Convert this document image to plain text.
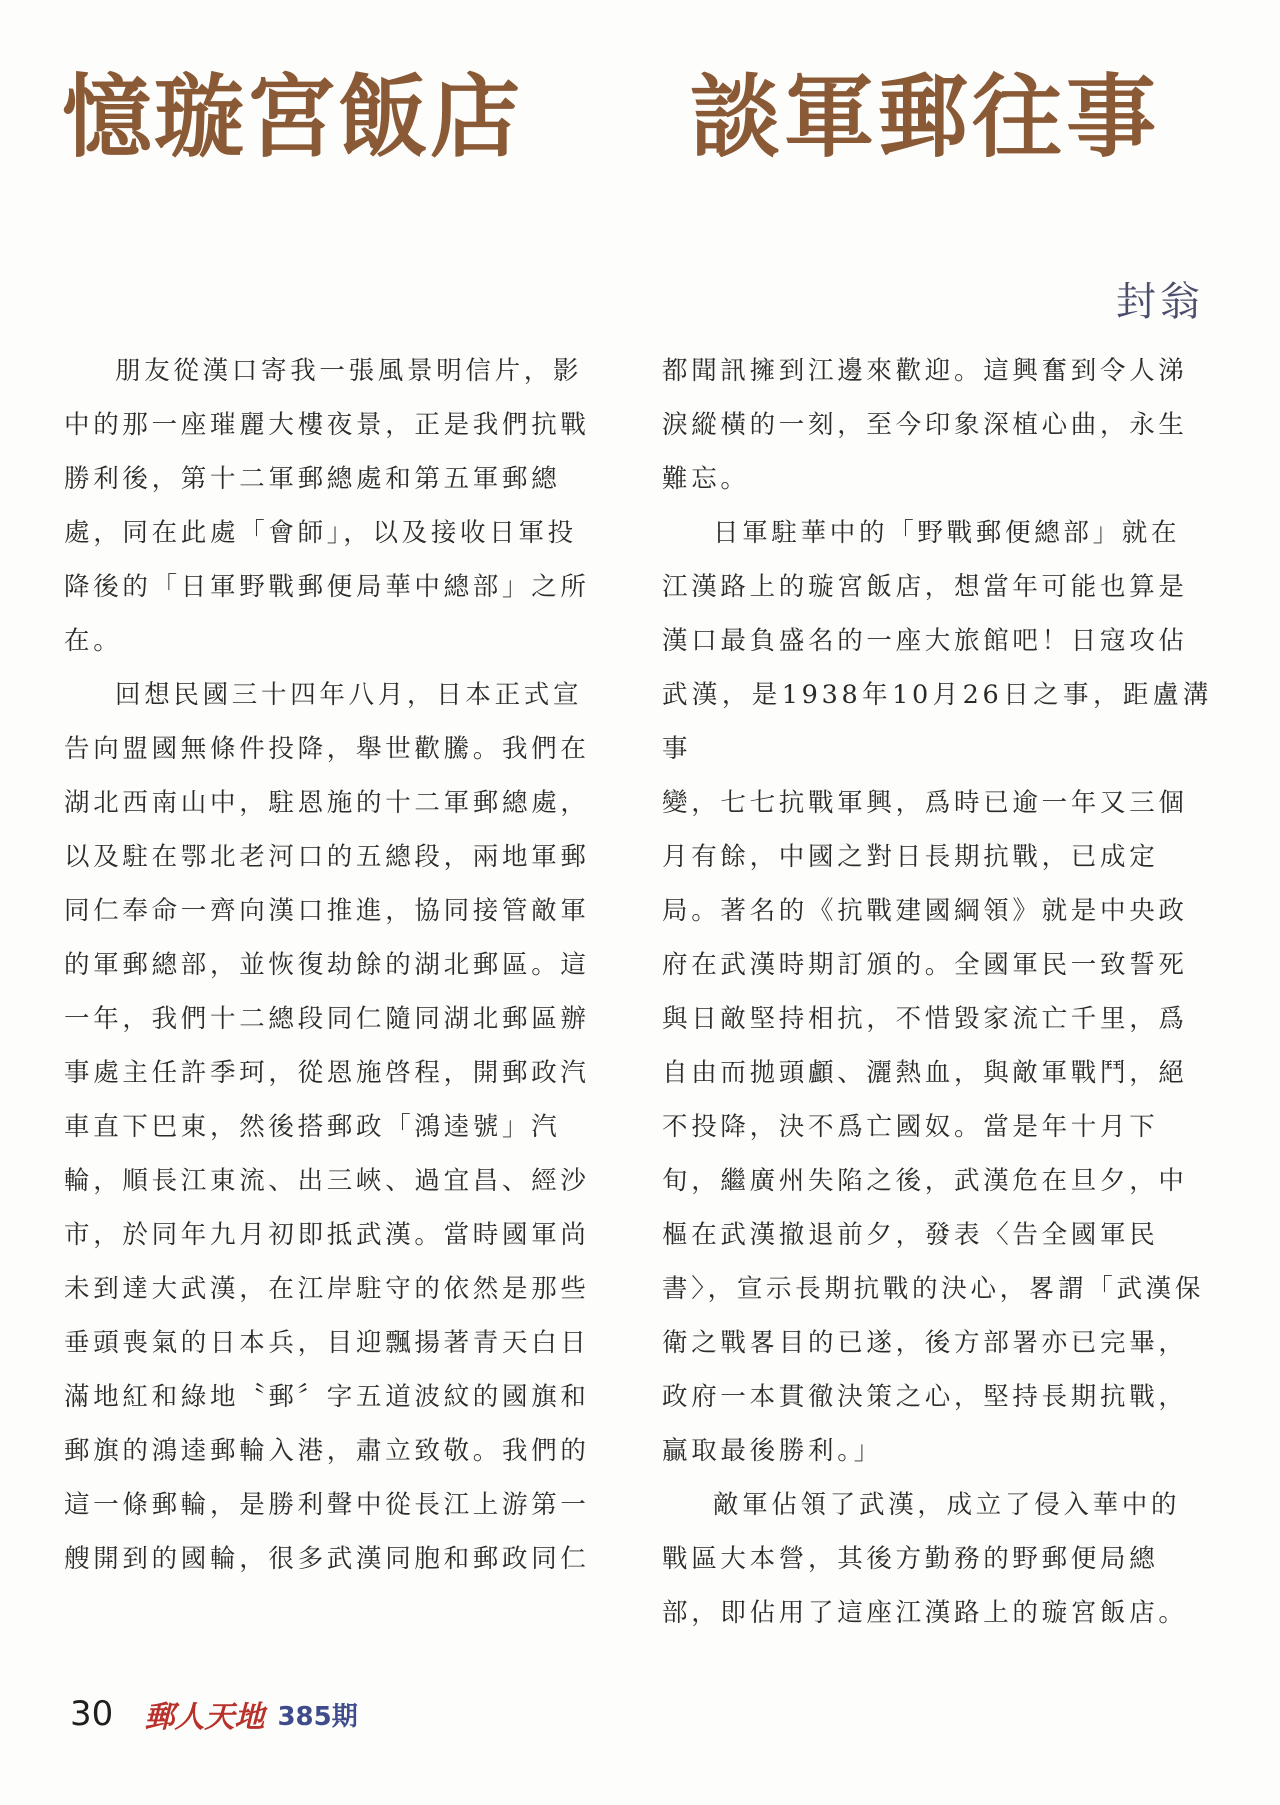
憶璇宮飯店 談軍郵往事
封翁

朋友從漢口寄我一張風景明信片，影
中的那一座璀麗大樓夜景，正是我們抗戰
勝利後，第十二軍郵總處和第五軍郵總
處，同在此處「會師」，以及接收日軍投
降後的「日軍野戰郵便局華中總部」之所
在。

回想民國三十四年八月，日本正式宣
告向盟國無條件投降，舉世歡騰。我們在
湖北西南山中，駐恩施的十二軍郵總處，
以及駐在鄂北老河口的五總段，兩地軍郵
同仁奉命一齊向漢口推進，協同接管敵軍
的軍郵總部，並恢復劫餘的湖北郵區。這
一年，我們十二總段同仁隨同湖北郵區辦
事處主任許季珂，從恩施啓程，開郵政汽
車直下巴東，然後搭郵政「鴻逵號」汽
輪，順長江東流、出三峽、過宜昌、經沙
市，於同年九月初即抵武漢。當時國軍尚
未到達大武漢，在江岸駐守的依然是那些
垂頭喪氣的日本兵，目迎飄揚著青天白日
滿地紅和綠地〝郵〞字五道波紋的國旗和
郵旗的鴻逵郵輪入港，肅立致敬。我們的
這一條郵輪，是勝利聲中從長江上游第一
艘開到的國輪，很多武漢同胞和郵政同仁

都聞訊擁到江邊來歡迎。這興奮到令人涕
淚縱橫的一刻，至今印象深植心曲，永生
難忘。

日軍駐華中的「野戰郵便總部」就在
江漢路上的璇宮飯店，想當年可能也算是
漢口最負盛名的一座大旅館吧！日寇攻佔
武漢，是1938年10月26日之事，距盧溝事
變，七七抗戰軍興，爲時已逾一年又三個
月有餘，中國之對日長期抗戰，已成定
局。著名的《抗戰建國綱領》就是中央政
府在武漢時期訂頒的。全國軍民一致誓死
與日敵堅持相抗，不惜毀家流亡千里，爲
自由而拋頭顱、灑熱血，與敵軍戰鬥，絕
不投降，決不爲亡國奴。當是年十月下
旬，繼廣州失陷之後，武漢危在旦夕，中
樞在武漢撤退前夕，發表〈告全國軍民
書〉，宣示長期抗戰的決心，畧謂「武漢保
衛之戰畧目的已遂，後方部署亦已完畢，
政府一本貫徹決策之心，堅持長期抗戰，
贏取最後勝利。」

敵軍佔領了武漢，成立了侵入華中的
戰區大本營，其後方勤務的野郵便局總
部，即佔用了這座江漢路上的璇宮飯店。

30 郵人天地 385期
